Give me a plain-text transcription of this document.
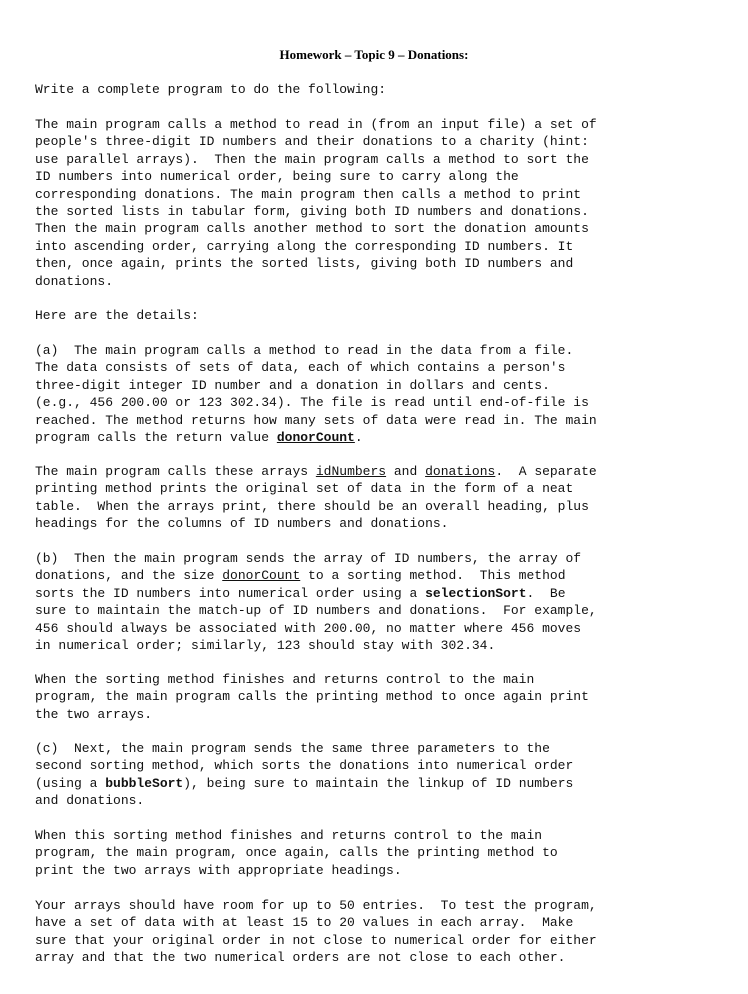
Homework – Topic 9 – Donations:

Write a complete program to do the following:

The main program calls a method to read in (from an input file) a set of
people's three-digit ID numbers and their donations to a charity (hint:
use parallel arrays).  Then the main program calls a method to sort the
ID numbers into numerical order, being sure to carry along the
corresponding donations. The main program then calls a method to print
the sorted lists in tabular form, giving both ID numbers and donations.
Then the main program calls another method to sort the donation amounts
into ascending order, carrying along the corresponding ID numbers. It
then, once again, prints the sorted lists, giving both ID numbers and
donations.

Here are the details:

(a)  The main program calls a method to read in the data from a file.
The data consists of sets of data, each of which contains a person's
three-digit integer ID number and a donation in dollars and cents.
(e.g., 456 200.00 or 123 302.34). The file is read until end-of-file is
reached. The method returns how many sets of data were read in. The main
program calls the return value donorCount.
The main program calls these arrays idNumbers and donations.  A separate
printing method prints the original set of data in the form of a neat
table.  When the arrays print, there should be an overall heading, plus
headings for the columns of ID numbers and donations.
(b)  Then the main program sends the array of ID numbers, the array of
donations, and the size donorCount to a sorting method.  This method
sorts the ID numbers into numerical order using a selectionSort.  Be
sure to maintain the match-up of ID numbers and donations.  For example,
456 should always be associated with 200.00, no matter where 456 moves
in numerical order; similarly, 123 should stay with 302.34.
When the sorting method finishes and returns control to the main
program, the main program calls the printing method to once again print
the two arrays.
(c)  Next, the main program sends the same three parameters to the
second sorting method, which sorts the donations into numerical order
(using a bubbleSort), being sure to maintain the linkup of ID numbers
and donations.
When this sorting method finishes and returns control to the main
program, the main program, once again, calls the printing method to
print the two arrays with appropriate headings.
Your arrays should have room for up to 50 entries.  To test the program,
have a set of data with at least 15 to 20 values in each array.  Make
sure that your original order in not close to numerical order for either
array and that the two numerical orders are not close to each other.
